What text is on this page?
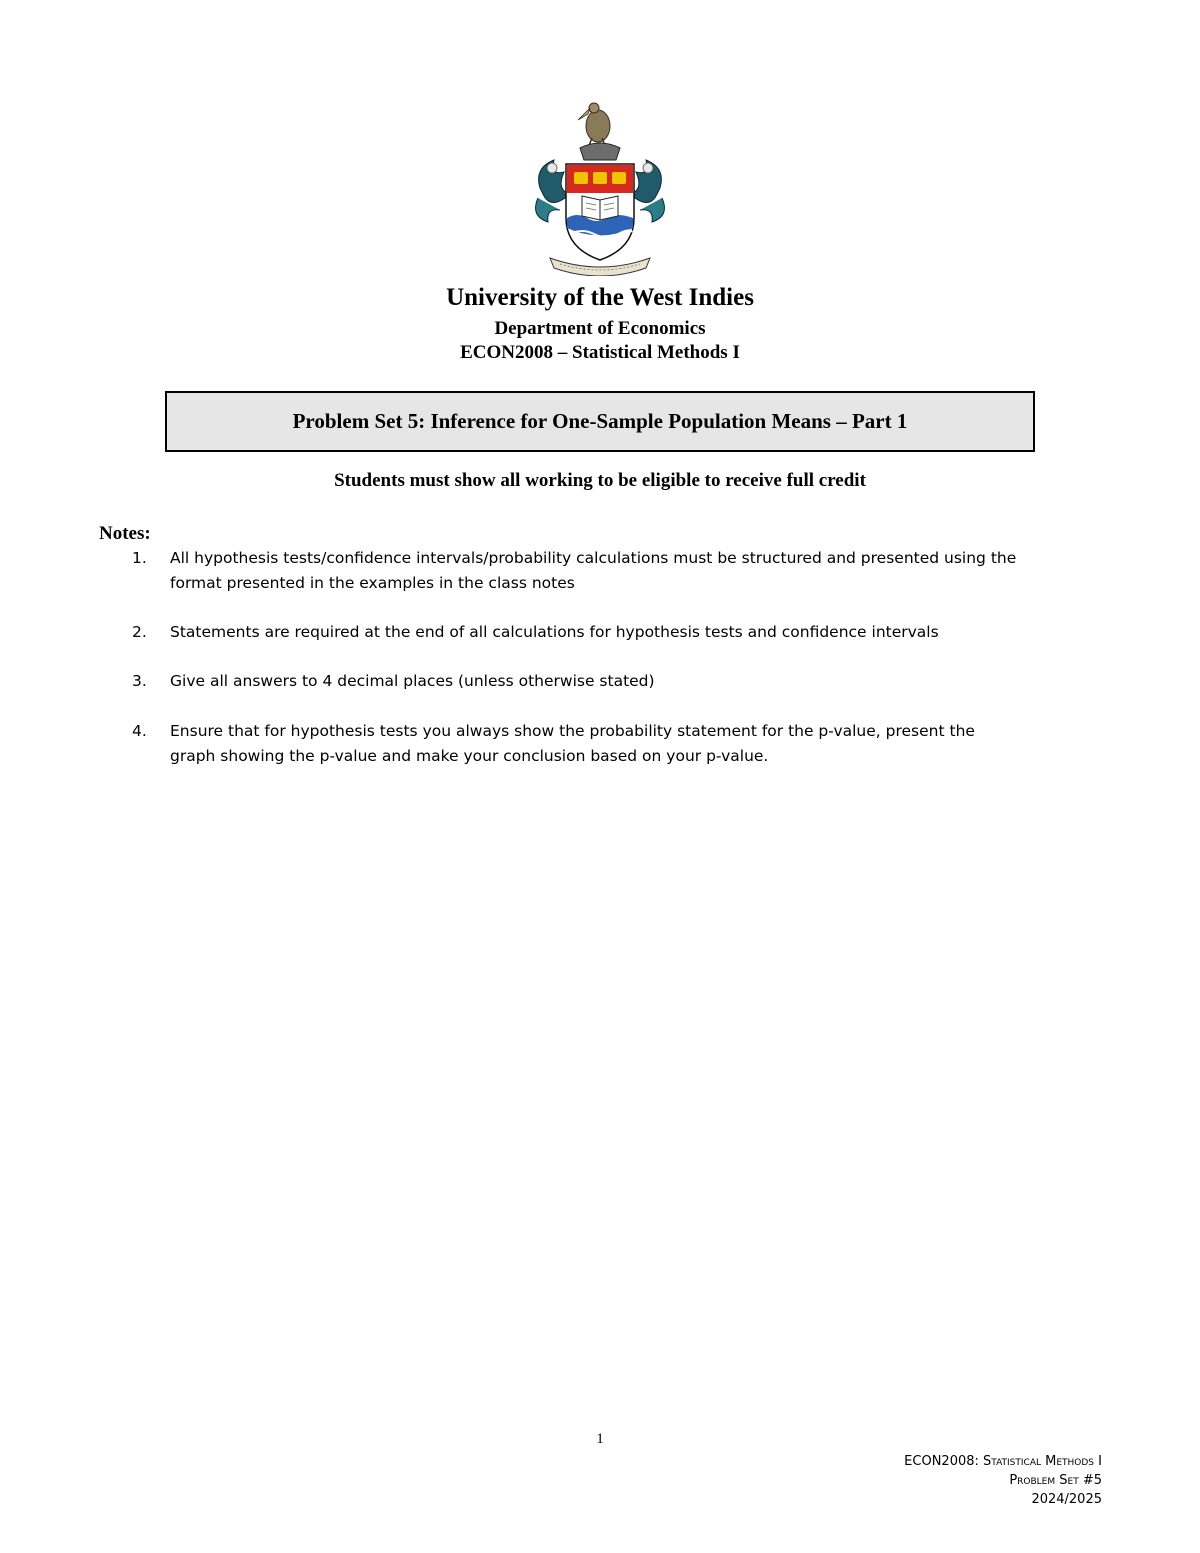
University of the West Indies
Department of Economics
ECON2008 – Statistical Methods I
Problem Set 5: Inference for One-Sample Population Means – Part 1
Students must show all working to be eligible to receive full credit
Notes:
1. All hypothesis tests/confidence intervals/probability calculations must be structured and presented using the
format presented in the examples in the class notes
2. Statements are required at the end of all calculations for hypothesis tests and confidence intervals
3. Give all answers to 4 decimal places (unless otherwise stated)
4. Ensure that for hypothesis tests you always show the probability statement for the p-value, present the
graph showing the p-value and make your conclusion based on your p-value.
1
ECON2008: Statistical Methods I
Problem Set #5
2024/2025
